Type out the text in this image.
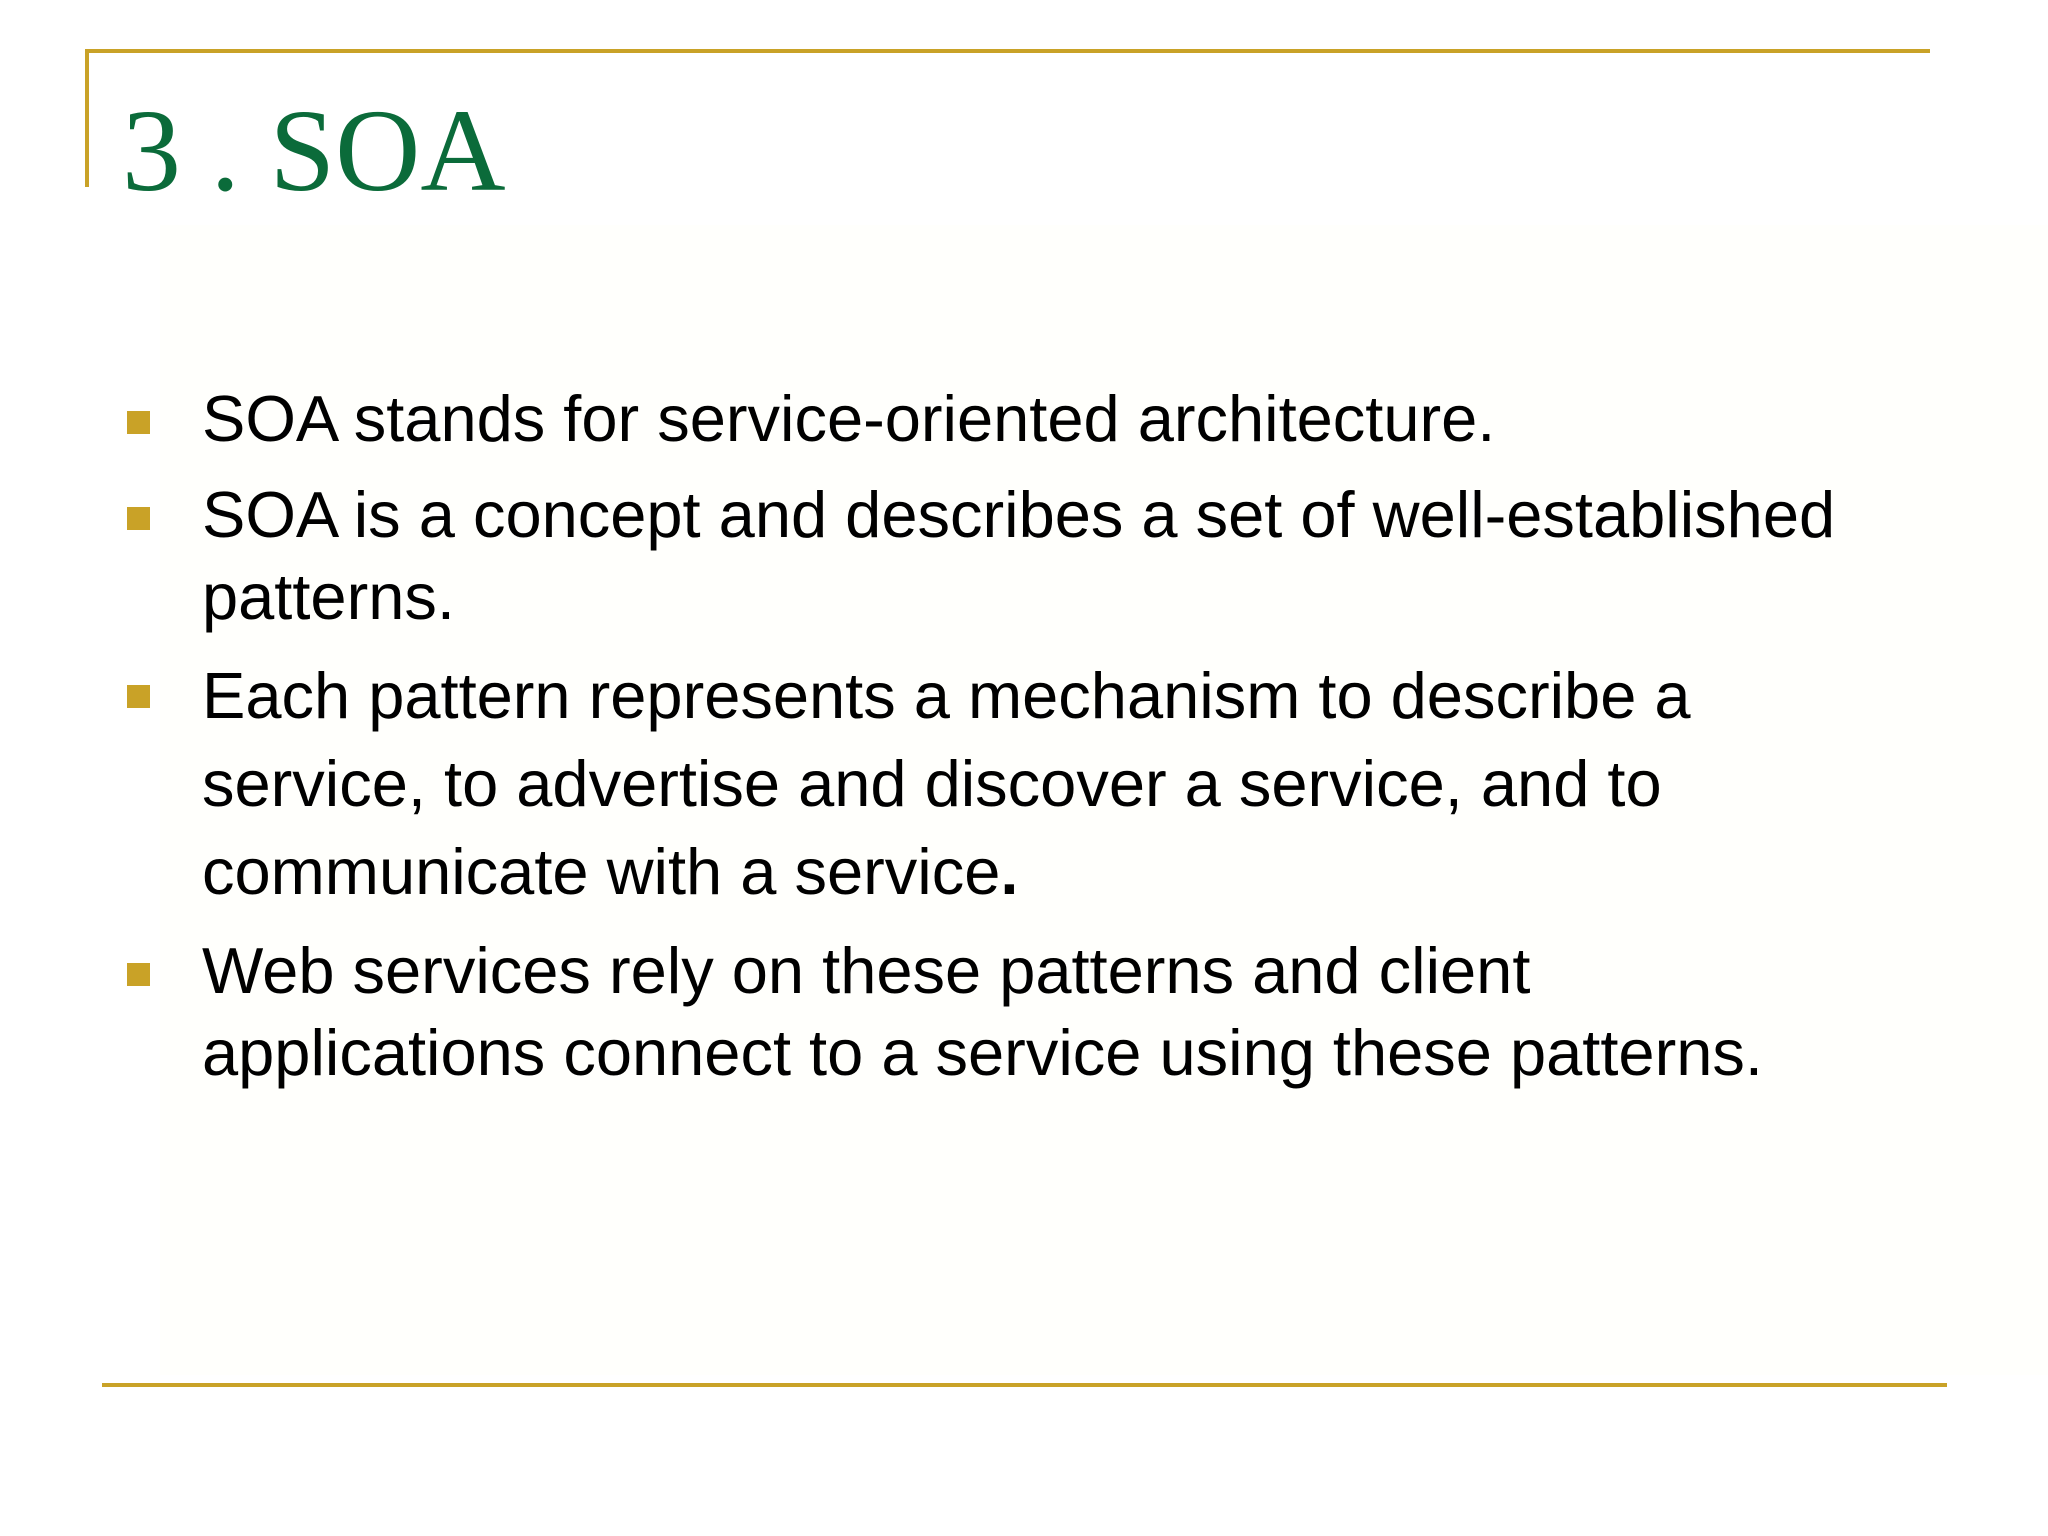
3 . SOA
SOA stands for service-oriented architecture.
SOA is a concept and describes a set of well-established patterns.
Each pattern represents a mechanism to describe a service, to advertise and discover a service, and to communicate with a service.
Web services rely on these patterns and client applications connect to a service using these patterns.
